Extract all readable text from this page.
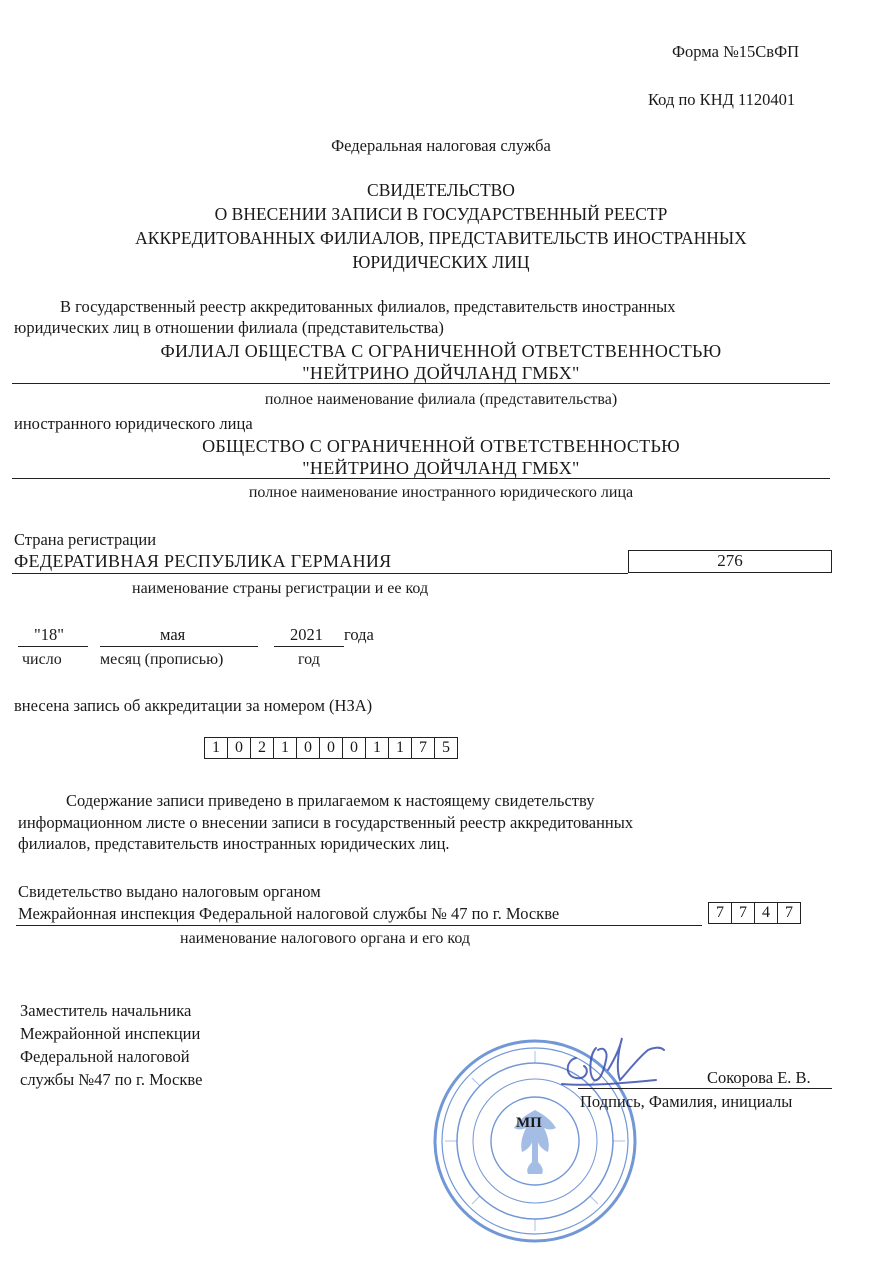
Форма №15СвФП
Код по КНД 1120401
Федеральная налоговая служба
СВИДЕТЕЛЬСТВО
О ВНЕСЕНИИ ЗАПИСИ В ГОСУДАРСТВЕННЫЙ РЕЕСТР
АККРЕДИТОВАННЫХ ФИЛИАЛОВ, ПРЕДСТАВИТЕЛЬСТВ ИНОСТРАННЫХ
ЮРИДИЧЕСКИХ ЛИЦ
В государственный реестр аккредитованных филиалов, представительств иностранных
юридических лиц в отношении филиала (представительства)
ФИЛИАЛ ОБЩЕСТВА С ОГРАНИЧЕННОЙ ОТВЕТСТВЕННОСТЬЮ
"НЕЙТРИНО ДОЙЧЛАНД ГМБХ"
полное наименование филиала (представительства)
иностранного юридического лица
ОБЩЕСТВО С ОГРАНИЧЕННОЙ ОТВЕТСТВЕННОСТЬЮ
"НЕЙТРИНО ДОЙЧЛАНД ГМБХ"
полное наименование иностранного юридического лица
Страна регистрации
ФЕДЕРАТИВНАЯ РЕСПУБЛИКА ГЕРМАНИЯ	276
наименование страны регистрации и ее код
"18"	мая	2021 года
число месяц (прописью)	год
внесена запись об аккредитации за номером (НЗА)
1	0	2	1	0	0	0	1	1	7	5
Содержание записи приведено в прилагаемом к настоящему свидетельству
информационном листе о внесении записи в государственный реестр аккредитованных
филиалов, представительств иностранных юридических лиц.
Свидетельство выдано налоговым органом
Межрайонная инспекция Федеральной налоговой службы № 47 по г. Москве	7	7	4	7
наименование налогового органа и его код
Заместитель начальника
Межрайонной инспекции
Федеральной налоговой
службы №47 по г. Москве	Сокорова Е. В.
Подпись, Фамилия, инициалы
МП
